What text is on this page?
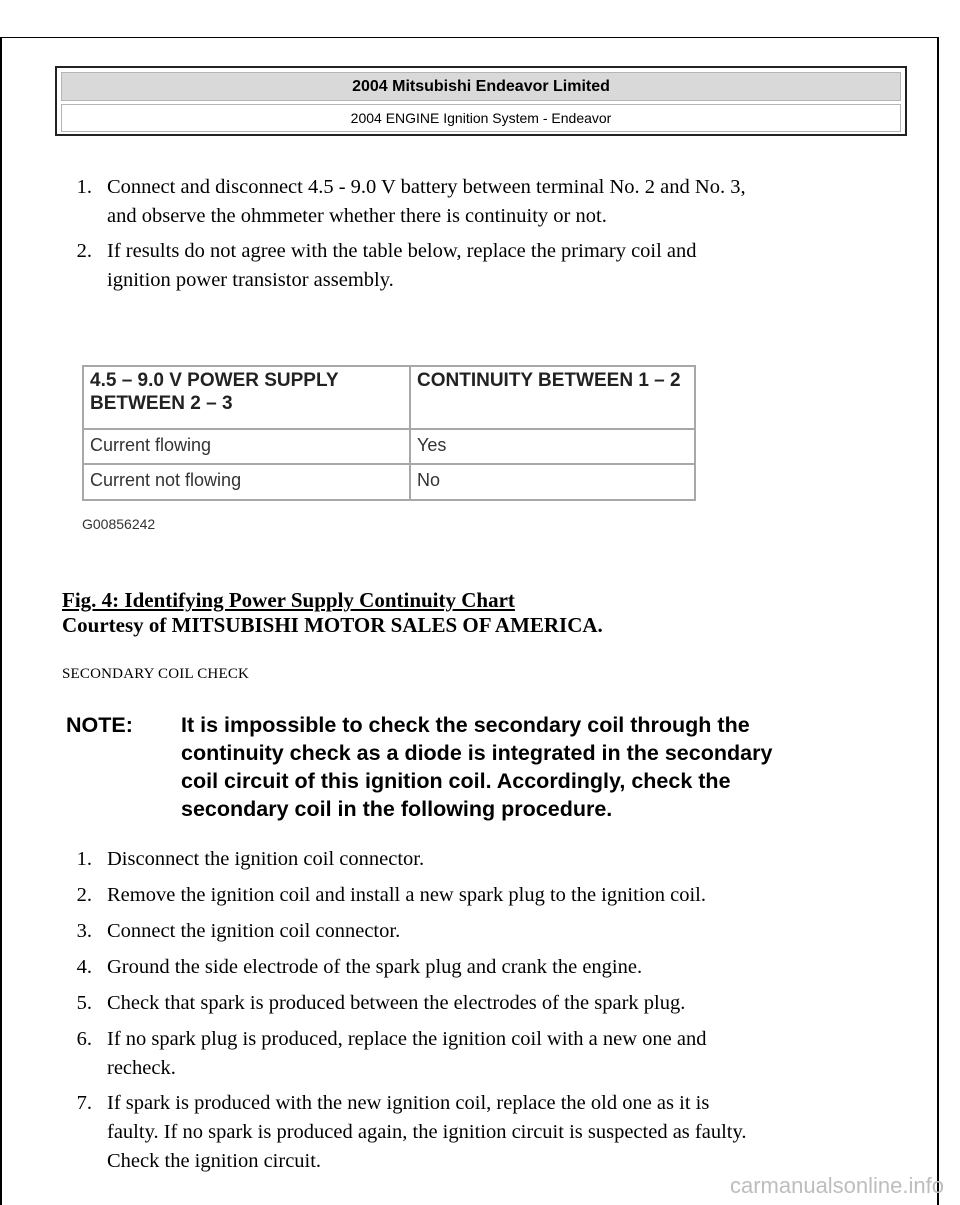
2004 Mitsubishi Endeavor Limited
2004 ENGINE Ignition System - Endeavor
1. Connect and disconnect 4.5 - 9.0 V battery between terminal No. 2 and No. 3,
and observe the ohmmeter whether there is continuity or not.
2. If results do not agree with the table below, replace the primary coil and
ignition power transistor assembly.
4.5 – 9.0 V POWER SUPPLY BETWEEN 2 – 3	CONTINUITY BETWEEN 1 – 2
Current flowing	Yes
Current not flowing	No
G00856242
Fig. 4: Identifying Power Supply Continuity Chart
Courtesy of MITSUBISHI MOTOR SALES OF AMERICA.
SECONDARY COIL CHECK
NOTE: It is impossible to check the secondary coil through the
continuity check as a diode is integrated in the secondary
coil circuit of this ignition coil. Accordingly, check the
secondary coil in the following procedure.
1. Disconnect the ignition coil connector.
2. Remove the ignition coil and install a new spark plug to the ignition coil.
3. Connect the ignition coil connector.
4. Ground the side electrode of the spark plug and crank the engine.
5. Check that spark is produced between the electrodes of the spark plug.
6. If no spark plug is produced, replace the ignition coil with a new one and
recheck.
7. If spark is produced with the new ignition coil, replace the old one as it is
faulty. If no spark is produced again, the ignition circuit is suspected as faulty.
Check the ignition circuit.
carmanualsonline.info
